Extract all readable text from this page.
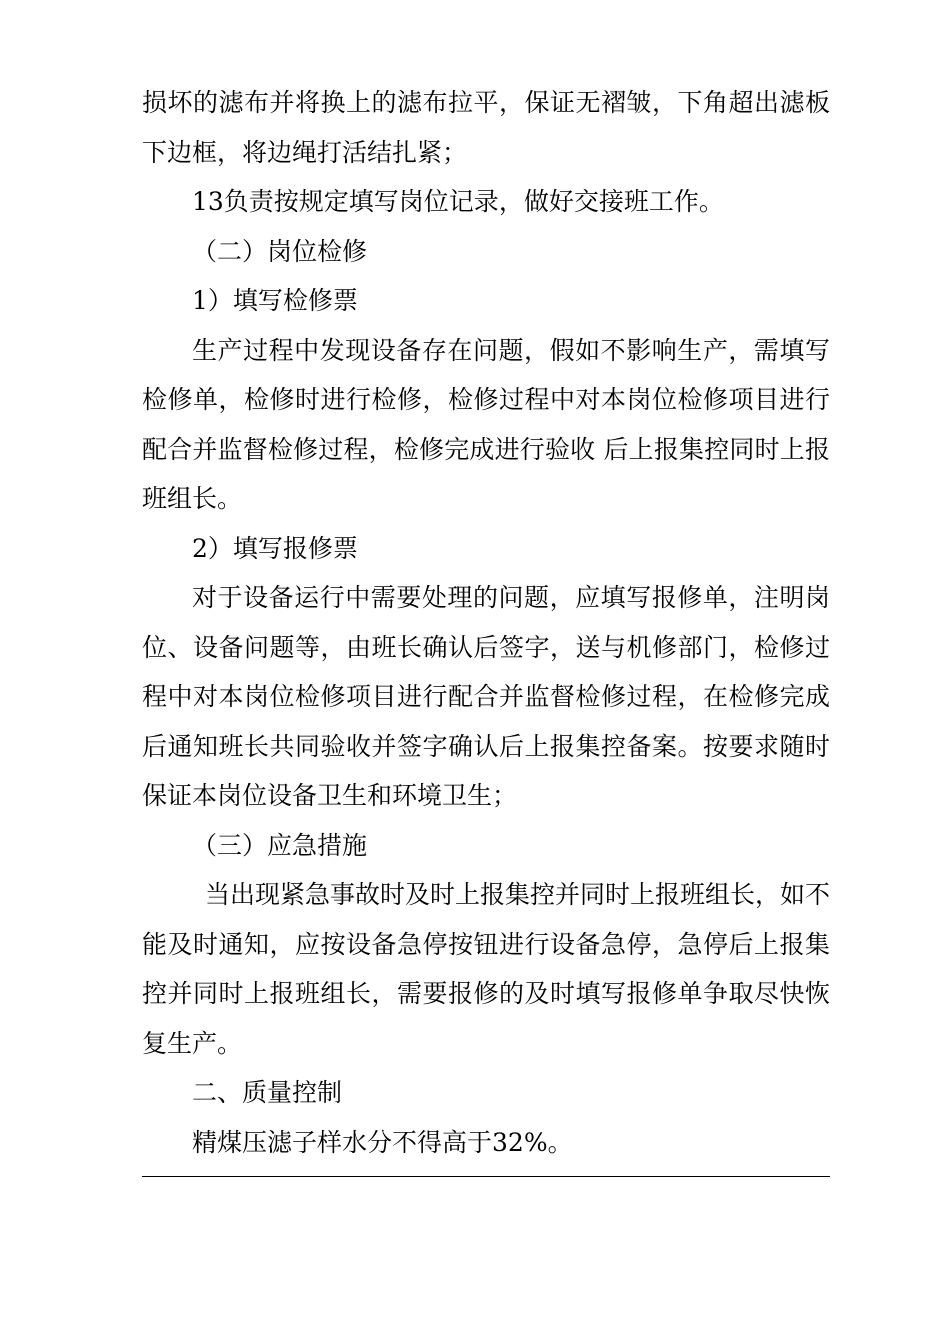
损坏的滤布并将换上的滤布拉平，保证无褶皱，下角超出滤板下边框，将边绳打活结扎紧；

13负责按规定填写岗位记录，做好交接班工作。

（二）岗位检修

1）填写检修票

生产过程中发现设备存在问题，假如不影响生产，需填写检修单，检修时进行检修，检修过程中对本岗位检修项目进行配合并监督检修过程，检修完成进行验收 后上报集控同时上报班组长。

2）填写报修票

对于设备运行中需要处理的问题，应填写报修单，注明岗位、设备问题等，由班长确认后签字，送与机修部门，检修过程中对本岗位检修项目进行配合并监督检修过程，在检修完成后通知班长共同验收并签字确认后上报集控备案。按要求随时保证本岗位设备卫生和环境卫生；

（三）应急措施

当出现紧急事故时及时上报集控并同时上报班组长，如不能及时通知，应按设备急停按钮进行设备急停，急停后上报集控并同时上报班组长，需要报修的及时填写报修单争取尽快恢复生产。

二、质量控制

精煤压滤子样水分不得高于32%。
